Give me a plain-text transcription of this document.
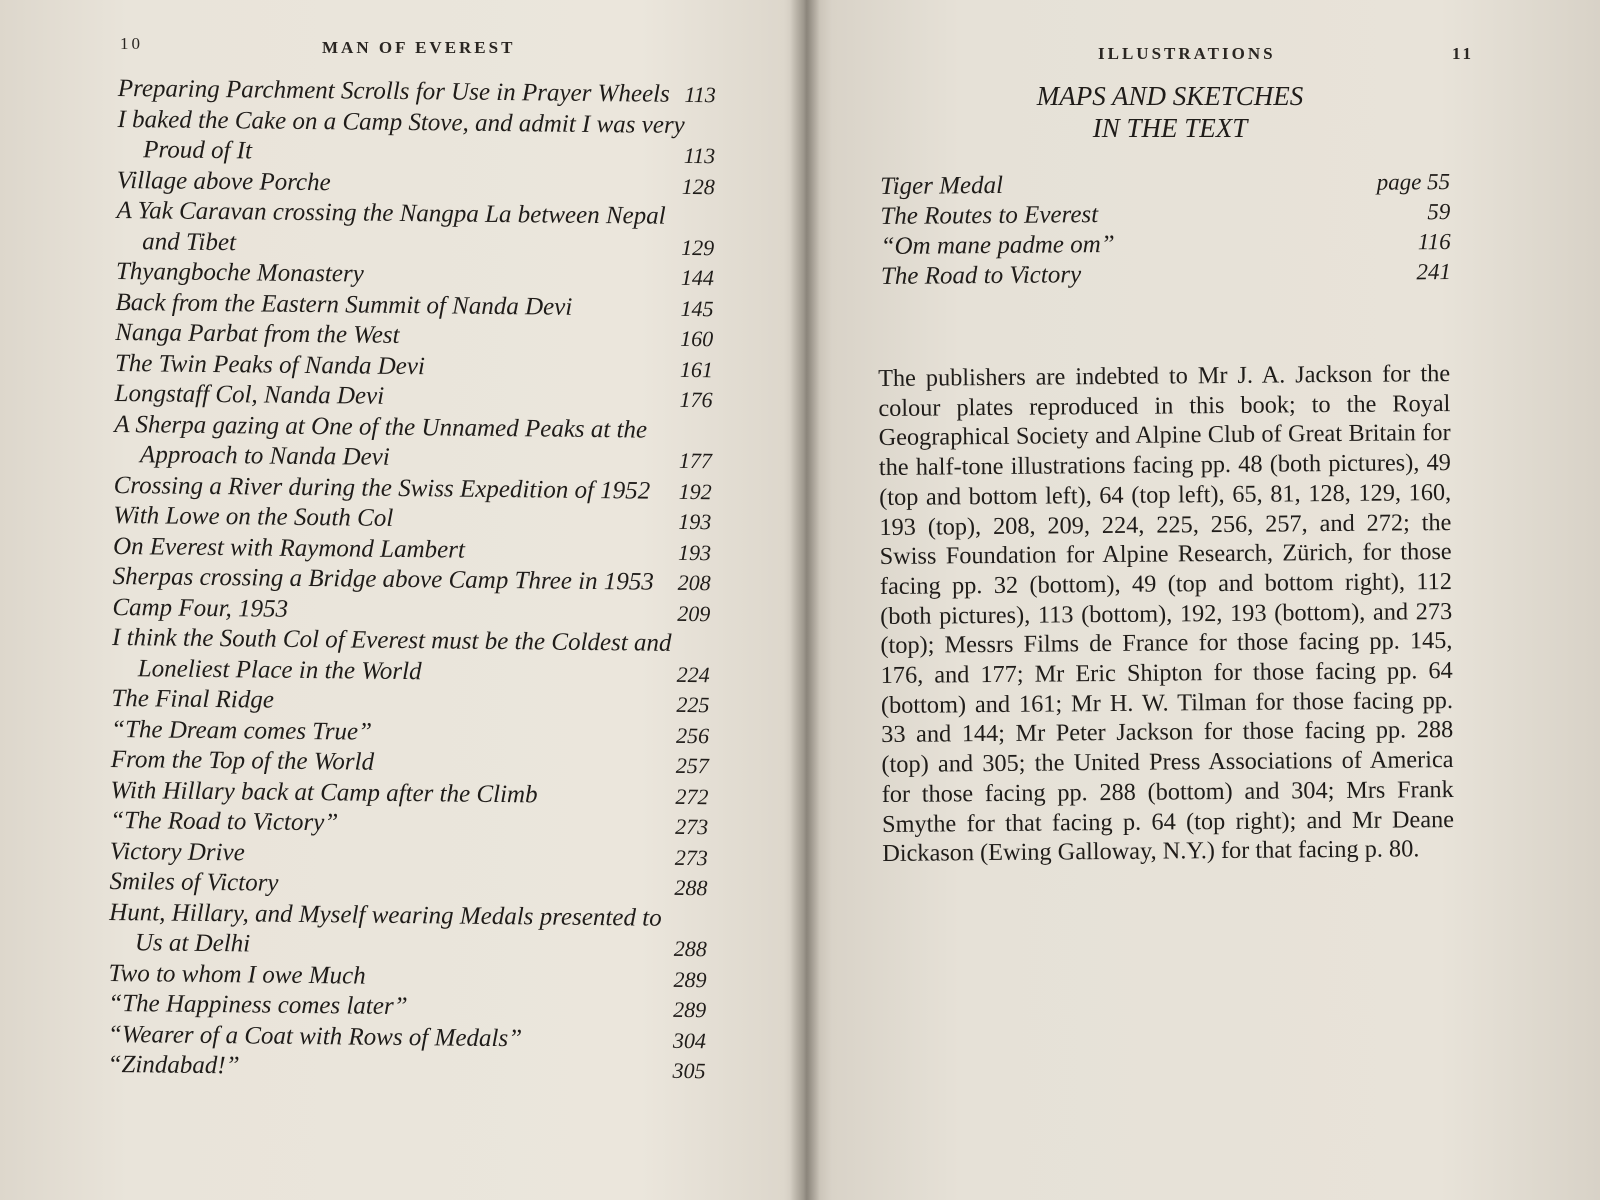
10	MAN OF EVEREST
Preparing Parchment Scrolls for Use in Prayer Wheels 113
I baked the Cake on a Camp Stove, and admit I was very Proud of It	113
Village above Porche	128
A Yak Caravan crossing the Nangpa La between Nepal and Tibet	129
Thyangboche Monastery	144
Back from the Eastern Summit of Nanda Devi	145
Nanga Parbat from the West	160
The Twin Peaks of Nanda Devi	161
Longstaff Col, Nanda Devi	176
A Sherpa gazing at One of the Unnamed Peaks at the Approach to Nanda Devi	177
Crossing a River during the Swiss Expedition of 1952	192
With Lowe on the South Col	193
On Everest with Raymond Lambert	193
Sherpas crossing a Bridge above Camp Three in 1953	208
Camp Four, 1953	209
I think the South Col of Everest must be the Coldest and Loneliest Place in the World	224
The Final Ridge	225
“The Dream comes True”	256
From the Top of the World	257
With Hillary back at Camp after the Climb	272
“The Road to Victory”	273
Victory Drive	273
Smiles of Victory	288
Hunt, Hillary, and Myself wearing Medals presented to Us at Delhi	288
Two to whom I owe Much	289
“The Happiness comes later”	289
“Wearer of a Coat with Rows of Medals”	304
“Zindabad!”	305
ILLUSTRATIONS	11
MAPS AND SKETCHES
IN THE TEXT
Tiger Medal	page 55
The Routes to Everest	59
“Om mane padme om”	116
The Road to Victory	241

The publishers are indebted to Mr J. A. Jackson for the colour plates reproduced in this book; to the Royal Geographical Society and Alpine Club of Great Britain for the half-tone illustrations facing pp. 48 (both pictures), 49 (top and bottom left), 64 (top left), 65, 81, 128, 129, 160, 193 (top), 208, 209, 224, 225, 256, 257, and 272; the Swiss Foundation for Alpine Research, Zürich, for those facing pp. 32 (bottom), 49 (top and bottom right), 112 (both pictures), 113 (bottom), 192, 193 (bottom), and 273 (top); Messrs Films de France for those facing pp. 145, 176, and 177; Mr Eric Shipton for those facing pp. 64 (bottom) and 161; Mr H. W. Tilman for those facing pp. 33 and 144; Mr Peter Jackson for those facing pp. 288 (top) and 305; the United Press Associations of America for those facing pp. 288 (bottom) and 304; Mrs Frank Smythe for that facing p. 64 (top right); and Mr Deane Dickason (Ewing Galloway, N.Y.) for that facing p. 80.
